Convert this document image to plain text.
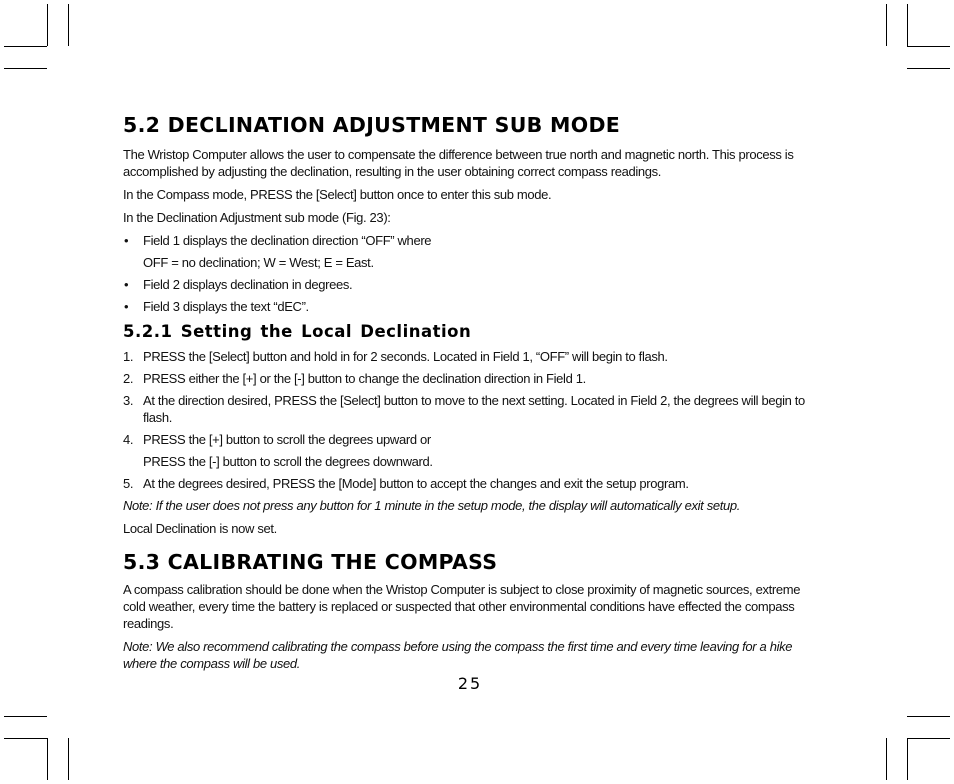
5.2 DECLINATION ADJUSTMENT SUB MODE

The Wristop Computer allows the user to compensate the difference between true north and magnetic north. This process is accomplished by adjusting the declination, resulting in the user obtaining correct compass readings.

In the Compass mode, PRESS the [Select] button once to enter this sub mode.

In the Declination Adjustment sub mode (Fig. 23):

• Field 1 displays the declination direction “OFF” where
OFF = no declination; W = West; E = East.
• Field 2 displays declination in degrees.
• Field 3 displays the text “dEC”.
5.2.1 Setting the Local Declination
1. PRESS the [Select] button and hold in for 2 seconds. Located in Field 1, “OFF” will begin to flash.
2. PRESS either the [+] or the [-] button to change the declination direction in Field 1.
3. At the direction desired, PRESS the [Select] button to move to the next setting. Located in Field 2, the degrees will begin to flash.
4. PRESS the [+] button to scroll the degrees upward or
PRESS the [-] button to scroll the degrees downward.
5. At the degrees desired, PRESS the [Mode] button to accept the changes and exit the setup program.

Note: If the user does not press any button for 1 minute in the setup mode, the display will automatically exit setup.

Local Declination is now set.

5.3 CALIBRATING THE COMPASS

A compass calibration should be done when the Wristop Computer is subject to close proximity of magnetic sources, extreme cold weather, every time the battery is replaced or suspected that other environmental conditions have effected the compass readings.

Note: We also recommend calibrating the compass before using the compass the first time and every time leaving for a hike where the compass will be used.

25
